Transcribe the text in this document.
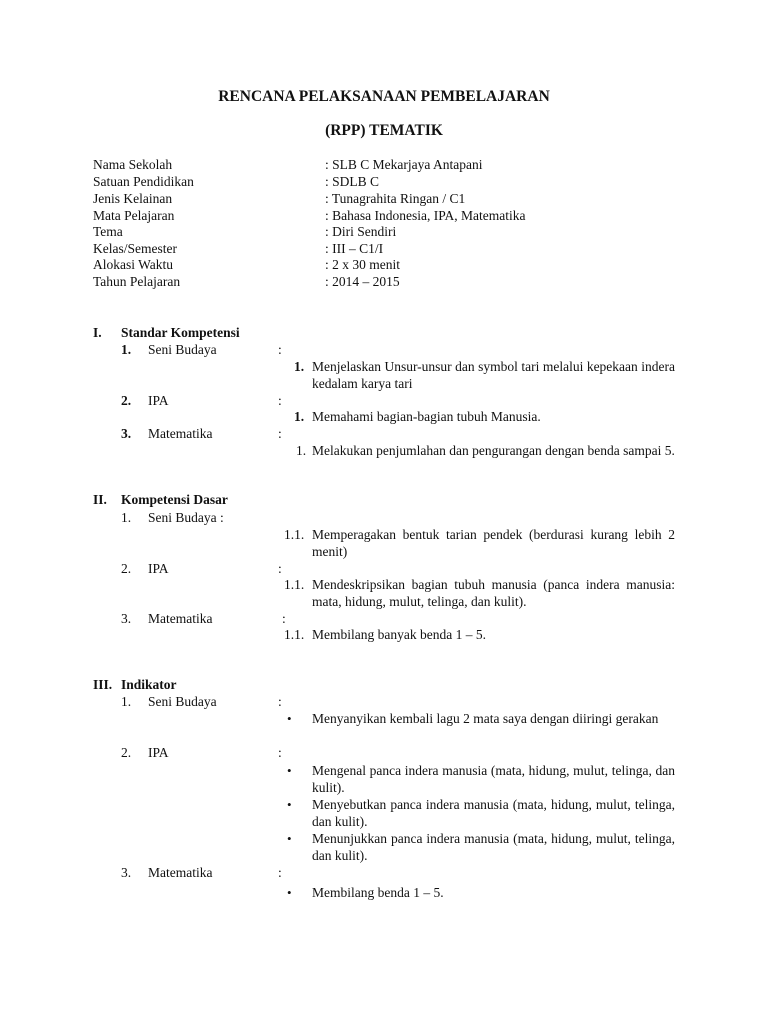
RENCANA PELAKSANAAN PEMBELAJARAN
(RPP) TEMATIK
Nama Sekolah	: SLB C Mekarjaya Antapani
Satuan Pendidikan	: SDLB C
Jenis Kelainan	: Tunagrahita Ringan / C1
Mata Pelajaran	: Bahasa Indonesia, IPA, Matematika
Tema	: Diri Sendiri
Kelas/Semester	: III – C1/I
Alokasi Waktu	: 2 x 30 menit
Tahun Pelajaran	: 2014 – 2015
I. Standar Kompetensi
1. Seni Budaya	:
1. Menjelaskan Unsur-unsur dan symbol tari melalui kepekaan indera kedalam karya tari
2. IPA	:
1. Memahami bagian-bagian tubuh Manusia.
3. Matematika	:
1. Melakukan penjumlahan dan pengurangan dengan benda sampai 5.
II. Kompetensi Dasar
1. Seni Budaya :
1.1. Memperagakan bentuk tarian pendek (berdurasi kurang lebih 2 menit)
2. IPA	:
1.1. Mendeskripsikan bagian tubuh manusia (panca indera manusia: mata, hidung, mulut, telinga, dan kulit).
3. Matematika	:
1.1. Membilang banyak benda 1 – 5.
III. Indikator
1. Seni Budaya	:
• Menyanyikan kembali lagu 2 mata saya dengan diiringi gerakan
2. IPA	:
• Mengenal panca indera manusia (mata, hidung, mulut, telinga, dan kulit).
• Menyebutkan panca indera manusia (mata, hidung, mulut, telinga, dan kulit).
• Menunjukkan panca indera manusia (mata, hidung, mulut, telinga, dan kulit).
3. Matematika	:
• Membilang benda 1 – 5.
